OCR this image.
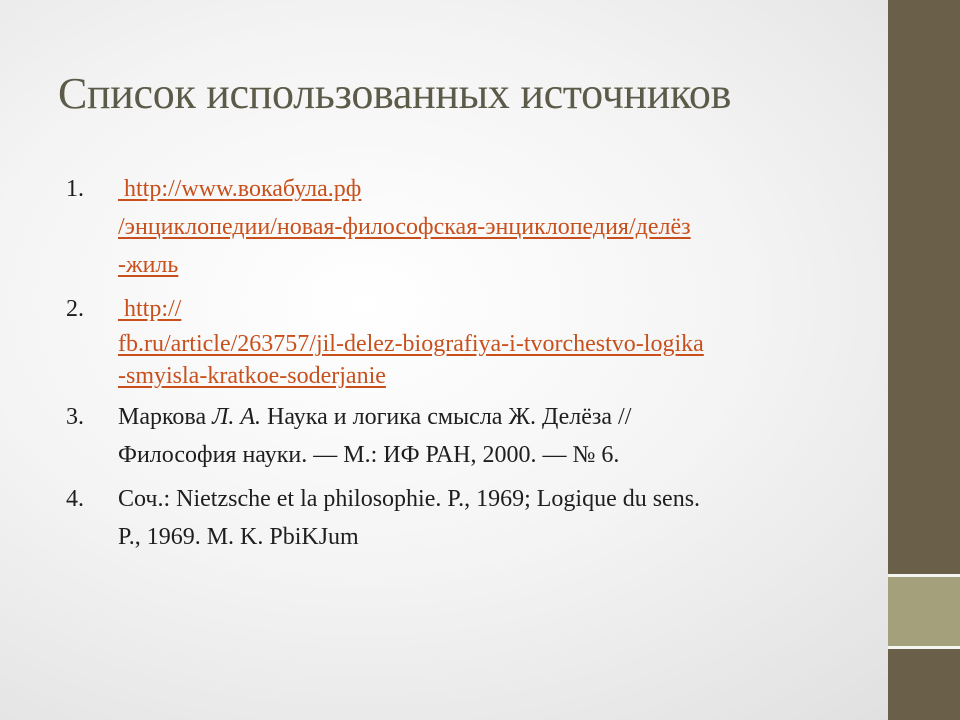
Список использованных источников
1.	http://www.вокабула.рф
/энциклопедии/новая-философская-энциклопедия/делёз
-жиль
2.	http://
fb.ru/article/263757/jil-delez-biografiya-i-tvorchestvo-logika
-smyisla-kratkoe-soderjanie
3.	Маркова Л. А. Наука и логика смысла Ж. Делёза //
Философия науки. — М.: ИФ РАН, 2000. — № 6.
4.	Соч.: Nietzsche et la philosophie. P., 1969; Logique du sens.
P., 1969. M. K. PbiKJum
